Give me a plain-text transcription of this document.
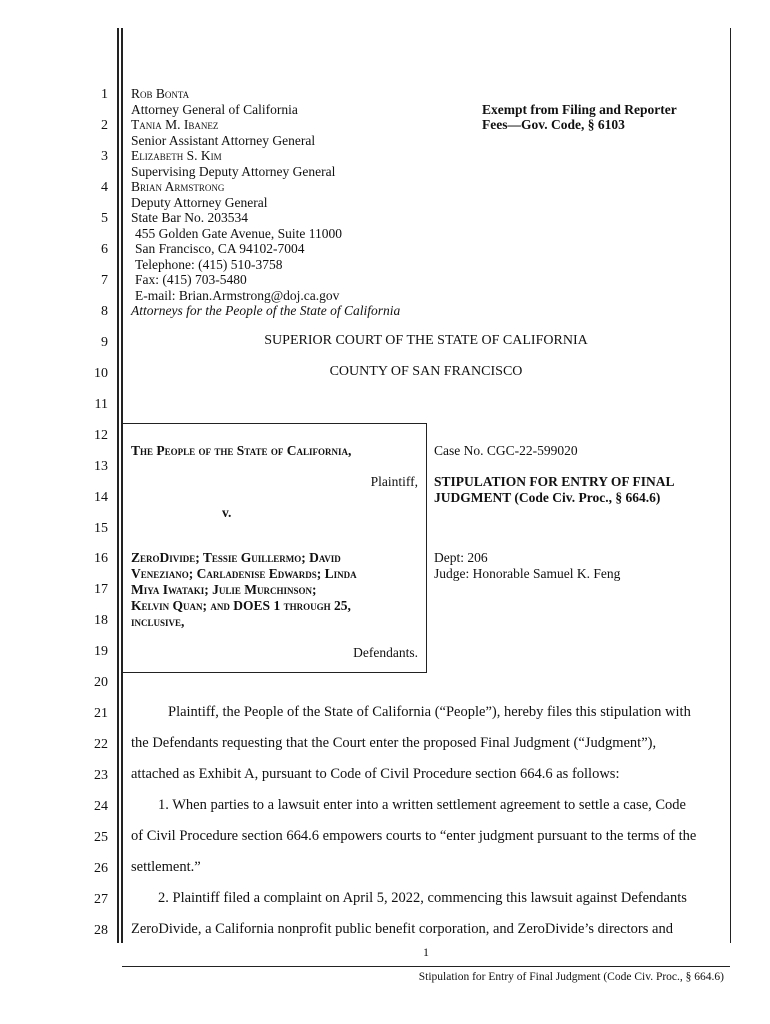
1
2
3
4
5
6
7
8
9
10
11
12
13
14
15
16
17
18
19
20
21
22
23
24
25
26
27
28
Rob Bonta
Attorney General of California
Tania M. Ibanez
Senior Assistant Attorney General
Elizabeth S. Kim
Supervising Deputy Attorney General
Brian Armstrong
Deputy Attorney General
State Bar No. 203534
455 Golden Gate Avenue, Suite 11000
San Francisco, CA 94102-7004
Telephone: (415) 510-3758
Fax: (415) 703-5480
E-mail: Brian.Armstrong@doj.ca.gov
Attorneys for the People of the State of California
Exempt from Filing and Reporter
Fees—Gov. Code, § 6103
SUPERIOR COURT OF THE STATE OF CALIFORNIA
COUNTY OF SAN FRANCISCO
The People of the State of California,
Plaintiff,
v.
ZeroDivide; Tessie Guillermo; David
Veneziano; Carladenise Edwards; Linda
Miya Iwataki; Julie Murchinson;
Kelvin Quan; and DOES 1 through 25,
inclusive,
Defendants.
Case No. CGC-22-599020
STIPULATION FOR ENTRY OF FINAL
JUDGMENT (Code Civ. Proc., § 664.6)
Dept: 206
Judge: Honorable Samuel K. Feng
Plaintiff, the People of the State of California (“People”), hereby files this stipulation with
the Defendants requesting that the Court enter the proposed Final Judgment (“Judgment”),
attached as Exhibit A, pursuant to Code of Civil Procedure section 664.6 as follows:
1. When parties to a lawsuit enter into a written settlement agreement to settle a case, Code
of Civil Procedure section 664.6 empowers courts to “enter judgment pursuant to the terms of the
settlement.”
2. Plaintiff filed a complaint on April 5, 2022, commencing this lawsuit against Defendants
ZeroDivide, a California nonprofit public benefit corporation, and ZeroDivide’s directors and
1
Stipulation for Entry of Final Judgment (Code Civ. Proc., § 664.6)
